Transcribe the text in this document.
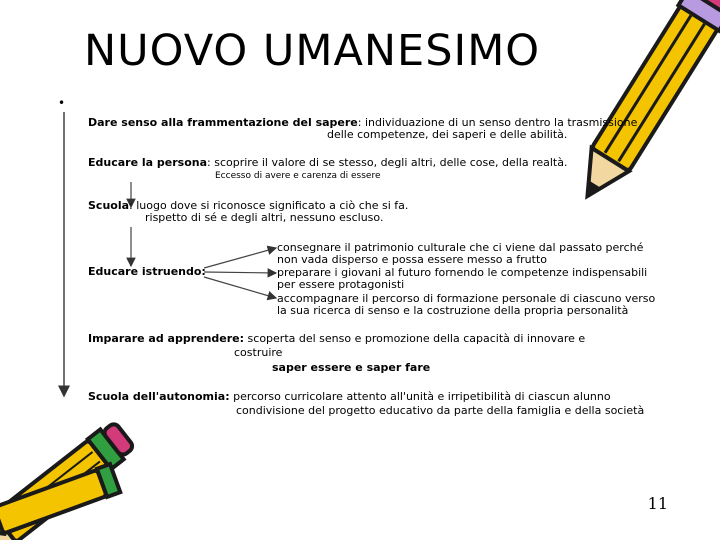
NUOVO UMANESIMO
•
Dare senso alla frammentazione del sapere: individuazione di un senso dentro la trasmissione
delle competenze, dei saperi e delle abilità.
Educare la persona: scoprire il valore di se stesso, degli altri, delle cose, della realtà.
Eccesso di avere e carenza di essere
Scuola: luogo dove si riconosce significato a ciò che si fa.
rispetto di sé e degli altri, nessuno escluso.
Educare istruendo:
consegnare il patrimonio culturale che ci viene dal passato perché
non vada disperso e possa essere messo a frutto
preparare i giovani al futuro fornendo le competenze indispensabili
per essere protagonisti
accompagnare il percorso di formazione personale di ciascuno verso
la sua ricerca di senso e la costruzione della propria personalità
Imparare ad apprendere: scoperta del senso e promozione della capacità di innovare e
costruire
saper essere e saper fare
Scuola dell'autonomia: percorso curricolare attento all'unità e irripetibilità di ciascun alunno
condivisione del progetto educativo da parte della famiglia e della società
11
